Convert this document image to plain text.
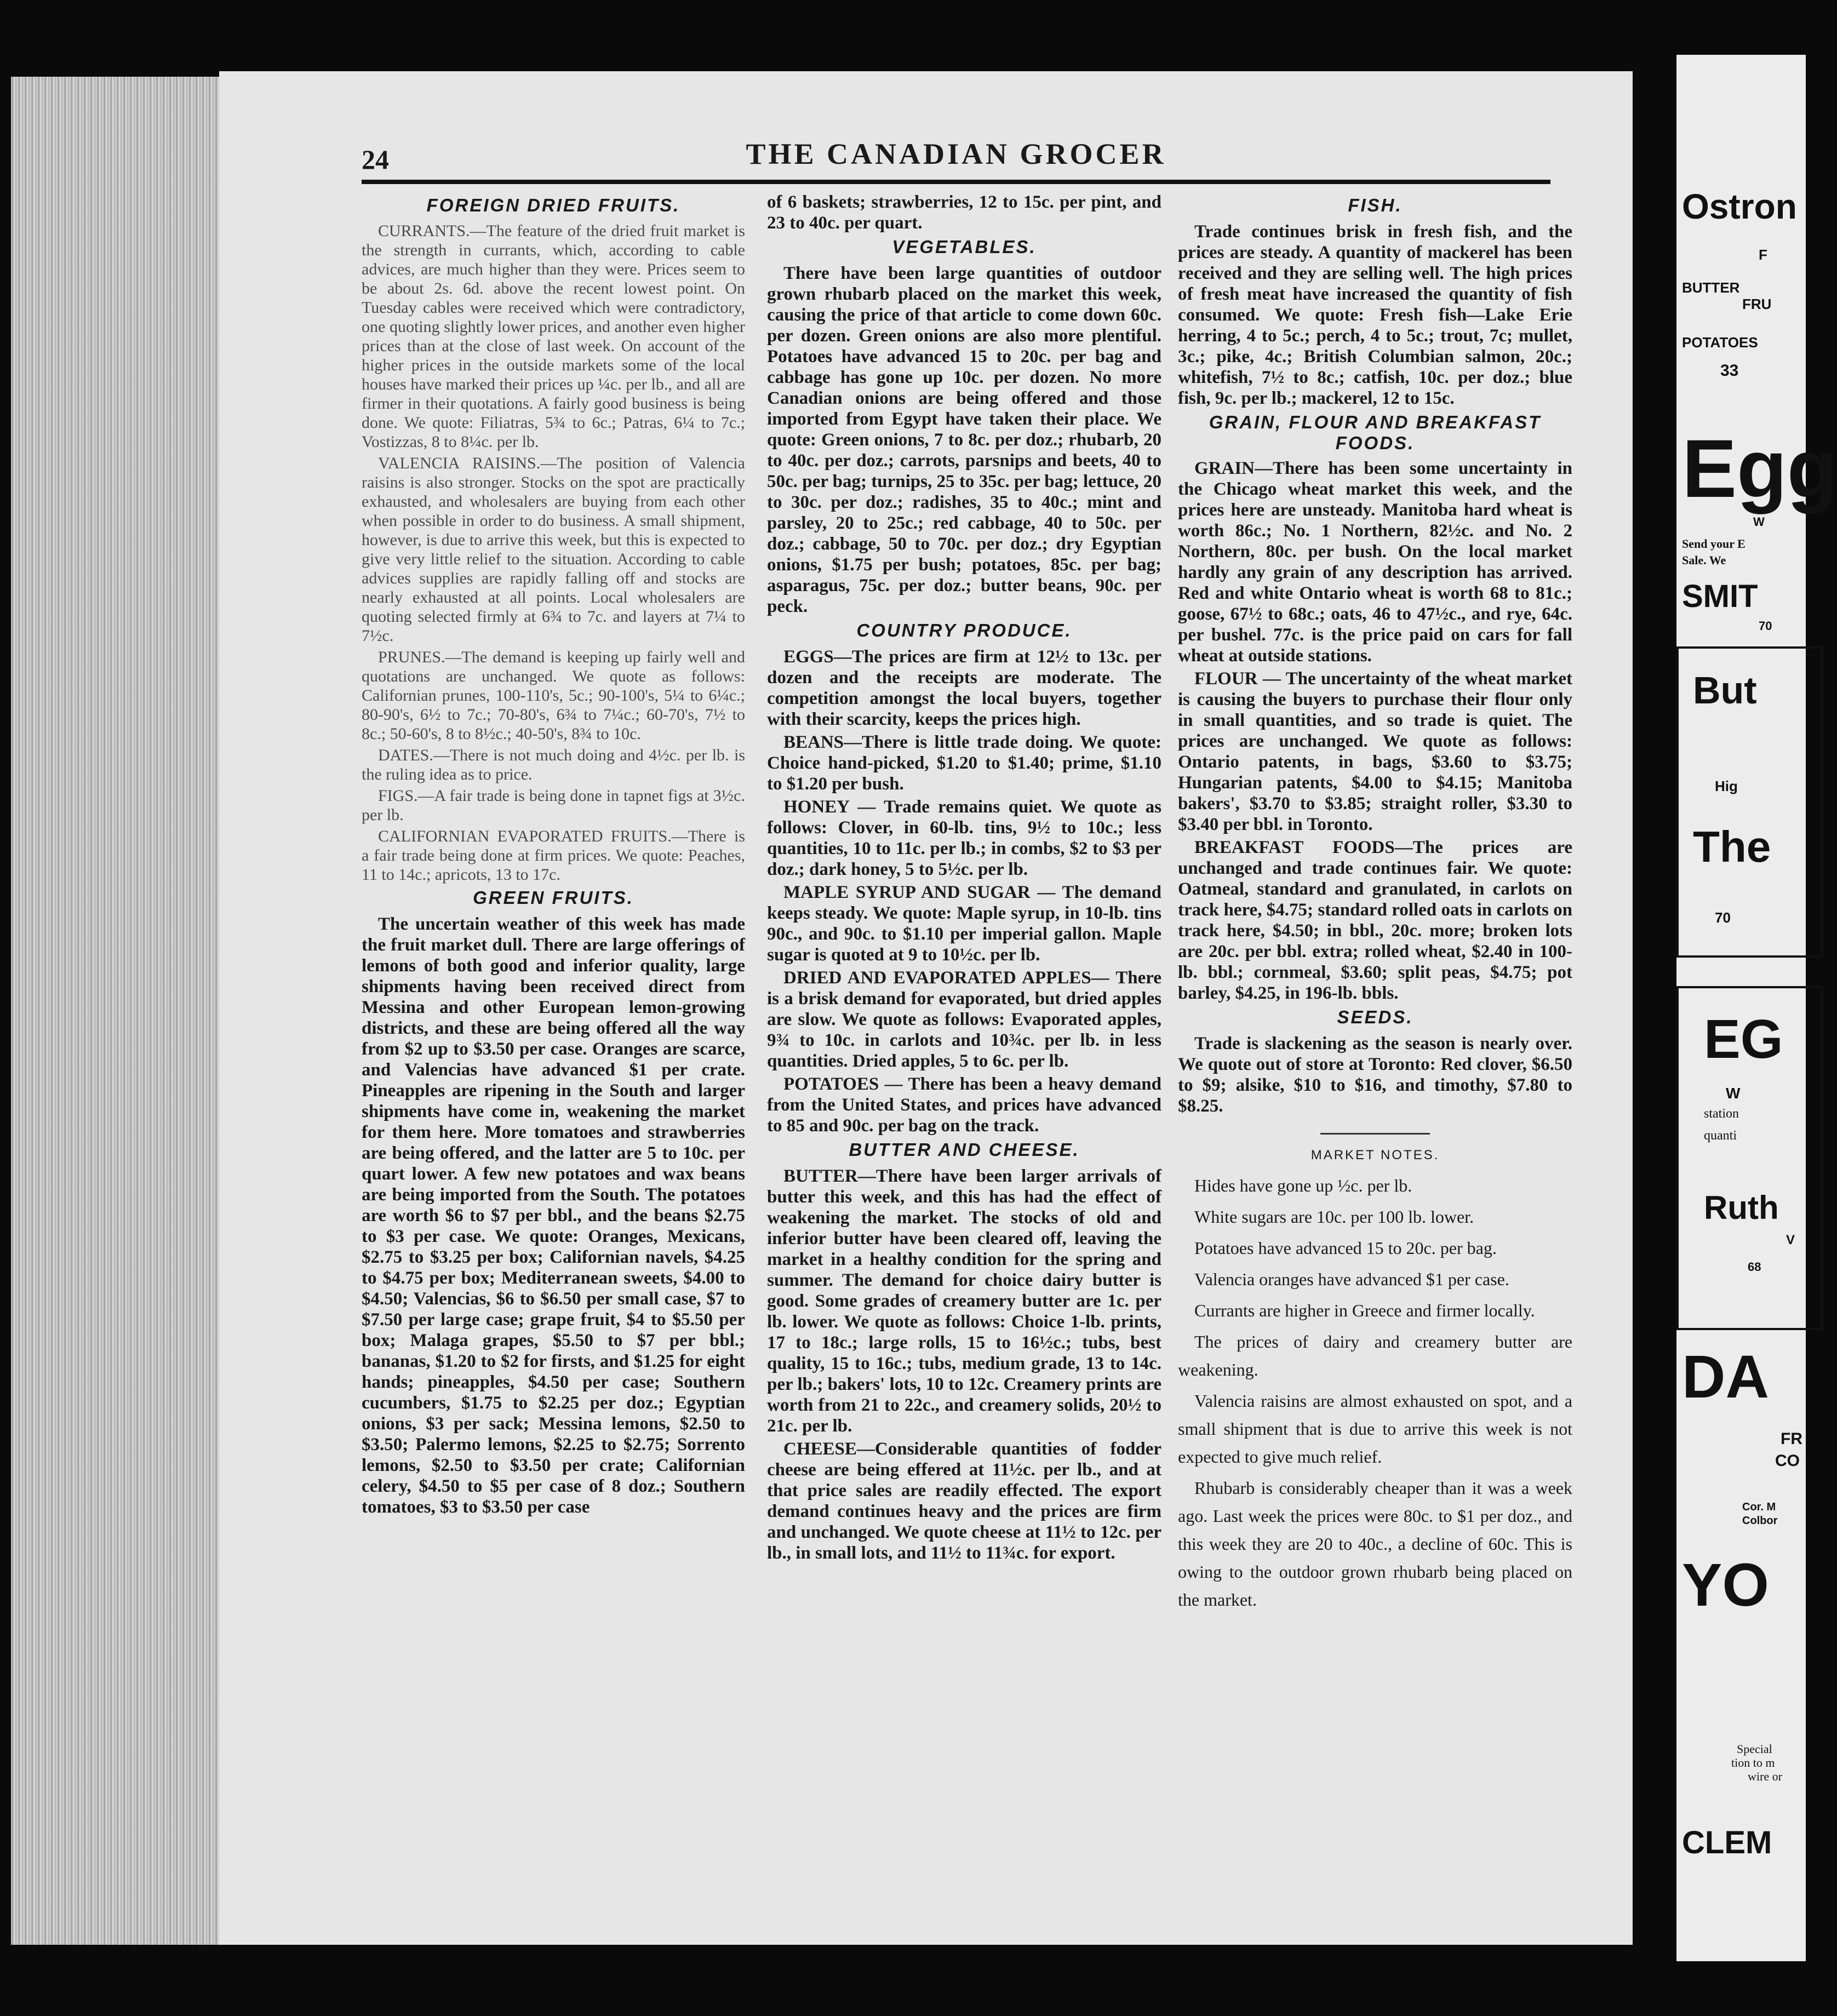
24	THE CANADIAN GROCER
FOREIGN DRIED FRUITS.

CURRANTS.—The feature of the dried fruit market is the strength in currants, which, according to cable advices, are much higher than they were. Prices seem to be about 2s. 6d. above the recent lowest point. On Tuesday cables were received which were contradictory, one quoting slightly lower prices, and another even higher prices than at the close of last week. On account of the higher prices in the outside markets some of the local houses have marked their prices up ¼c. per lb., and all are firmer in their quotations. A fairly good business is being done. We quote: Filiatras, 5¾ to 6c.; Patras, 6¼ to 7c.; Vostizzas, 8 to 8¼c. per lb.

VALENCIA RAISINS.—The position of Valencia raisins is also stronger. Stocks on the spot are practically exhausted, and wholesalers are buying from each other when possible in order to do business. A small shipment, however, is due to arrive this week, but this is expected to give very little relief to the situation. According to cable advices supplies are rapidly falling off and stocks are nearly exhausted at all points. Local wholesalers are quoting selected firmly at 6¾ to 7c. and layers at 7¼ to 7½c.

PRUNES.—The demand is keeping up fairly well and quotations are unchanged. We quote as follows: Californian prunes, 100-110's, 5c.; 90-100's, 5¼ to 6¼c.; 80-90's, 6½ to 7c.; 70-80's, 6¾ to 7¼c.; 60-70's, 7½ to 8c.; 50-60's, 8 to 8½c.; 40-50's, 8¾ to 10c.

DATES.—There is not much doing and 4½c. per lb. is the ruling idea as to price.

FIGS.—A fair trade is being done in tapnet figs at 3½c. per lb.

CALIFORNIAN EVAPORATED FRUITS.—There is a fair trade being done at firm prices. We quote: Peaches, 11 to 14c.; apricots, 13 to 17c.

GREEN FRUITS.

The uncertain weather of this week has made the fruit market dull. There are large offerings of lemons of both good and inferior quality, large shipments having been received direct from Messina and other European lemon-growing districts, and these are being offered all the way from $2 up to $3.50 per case. Oranges are scarce, and Valencias have advanced $1 per crate. Pineapples are ripening in the South and larger shipments have come in, weakening the market for them here. More tomatoes and strawberries are being offered, and the latter are 5 to 10c. per quart lower. A few new potatoes and wax beans are being imported from the South. The potatoes are worth $6 to $7 per bbl., and the beans $2.75 to $3 per case. We quote: Oranges, Mexicans, $2.75 to $3.25 per box; Californian navels, $4.25 to $4.75 per box; Mediterranean sweets, $4.00 to $4.50; Valencias, $6 to $6.50 per small case, $7 to $7.50 per large case; grape fruit, $4 to $5.50 per box; Malaga grapes, $5.50 to $7 per bbl.; bananas, $1.20 to $2 for firsts, and $1.25 for eight hands; pineapples, $4.50 per case; Southern cucumbers, $1.75 to $2.25 per doz.; Egyptian onions, $3 per sack; Messina lemons, $2.50 to $3.50; Palermo lemons, $2.25 to $2.75; Sorrento lemons, $2.50 to $3.50 per crate; Californian celery, $4.50 to $5 per case of 8 doz.; Southern tomatoes, $3 to $3.50 per case

of 6 baskets; strawberries, 12 to 15c. per pint, and 23 to 40c. per quart.

VEGETABLES.

There have been large quantities of outdoor grown rhubarb placed on the market this week, causing the price of that article to come down 60c. per dozen. Green onions are also more plentiful. Potatoes have advanced 15 to 20c. per bag and cabbage has gone up 10c. per dozen. No more Canadian onions are being offered and those imported from Egypt have taken their place. We quote: Green onions, 7 to 8c. per doz.; rhubarb, 20 to 40c. per doz.; carrots, parsnips and beets, 40 to 50c. per bag; turnips, 25 to 35c. per bag; lettuce, 20 to 30c. per doz.; radishes, 35 to 40c.; mint and parsley, 20 to 25c.; red cabbage, 40 to 50c. per doz.; cabbage, 50 to 70c. per doz.; dry Egyptian onions, $1.75 per bush; potatoes, 85c. per bag; asparagus, 75c. per doz.; butter beans, 90c. per peck.

COUNTRY PRODUCE.

EGGS—The prices are firm at 12½ to 13c. per dozen and the receipts are moderate. The competition amongst the local buyers, together with their scarcity, keeps the prices high.

BEANS—There is little trade doing. We quote: Choice hand-picked, $1.20 to $1.40; prime, $1.10 to $1.20 per bush.

HONEY — Trade remains quiet. We quote as follows: Clover, in 60-lb. tins, 9½ to 10c.; less quantities, 10 to 11c. per lb.; in combs, $2 to $3 per doz.; dark honey, 5 to 5½c. per lb.

MAPLE SYRUP AND SUGAR — The demand keeps steady. We quote: Maple syrup, in 10-lb. tins 90c., and 90c. to $1.10 per imperial gallon. Maple sugar is quoted at 9 to 10½c. per lb.

DRIED AND EVAPORATED APPLES— There is a brisk demand for evaporated, but dried apples are slow. We quote as follows: Evaporated apples, 9¾ to 10c. in carlots and 10¾c. per lb. in less quantities. Dried apples, 5 to 6c. per lb.

POTATOES — There has been a heavy demand from the United States, and prices have advanced to 85 and 90c. per bag on the track.

BUTTER AND CHEESE.

BUTTER—There have been larger arrivals of butter this week, and this has had the effect of weakening the market. The stocks of old and inferior butter have been cleared off, leaving the market in a healthy condition for the spring and summer. The demand for choice dairy butter is good. Some grades of creamery butter are 1c. per lb. lower. We quote as follows: Choice 1-lb. prints, 17 to 18c.; large rolls, 15 to 16½c.; tubs, best quality, 15 to 16c.; tubs, medium grade, 13 to 14c. per lb.; bakers' lots, 10 to 12c. Creamery prints are worth from 21 to 22c., and creamery solids, 20½ to 21c. per lb.

CHEESE—Considerable quantities of fodder cheese are being effered at 11½c. per lb., and at that price sales are readily effected. The export demand continues heavy and the prices are firm and unchanged. We quote cheese at 11½ to 12c. per lb., in small lots, and 11½ to 11¾c. for export.

FISH.

Trade continues brisk in fresh fish, and the prices are steady. A quantity of mackerel has been received and they are selling well. The high prices of fresh meat have increased the quantity of fish consumed. We quote: Fresh fish—Lake Erie herring, 4 to 5c.; perch, 4 to 5c.; trout, 7c; mullet, 3c.; pike, 4c.; British Columbian salmon, 20c.; whitefish, 7½ to 8c.; catfish, 10c. per doz.; blue fish, 9c. per lb.; mackerel, 12 to 15c.

GRAIN, FLOUR AND BREAKFAST
FOODS.

GRAIN—There has been some uncertainty in the Chicago wheat market this week, and the prices here are unsteady. Manitoba hard wheat is worth 86c.; No. 1 Northern, 82½c. and No. 2 Northern, 80c. per bush. On the local market hardly any grain of any description has arrived. Red and white Ontario wheat is worth 68 to 81c.; goose, 67½ to 68c.; oats, 46 to 47½c., and rye, 64c. per bushel. 77c. is the price paid on cars for fall wheat at outside stations.

FLOUR — The uncertainty of the wheat market is causing the buyers to purchase their flour only in small quantities, and so trade is quiet. The prices are unchanged. We quote as follows: Ontario patents, in bags, $3.60 to $3.75; Hungarian patents, $4.00 to $4.15; Manitoba bakers', $3.70 to $3.85; straight roller, $3.30 to $3.40 per bbl. in Toronto.

BREAKFAST FOODS—The prices are unchanged and trade continues fair. We quote: Oatmeal, standard and granulated, in carlots on track here, $4.75; standard rolled oats in carlots on track here, $4.50; in bbl., 20c. more; broken lots are 20c. per bbl. extra; rolled wheat, $2.40 in 100-lb. bbl.; cornmeal, $3.60; split peas, $4.75; pot barley, $4.25, in 196-lb. bbls.

SEEDS.

Trade is slackening as the season is nearly over. We quote out of store at Toronto: Red clover, $6.50 to $9; alsike, $10 to $16, and timothy, $7.80 to $8.25.

MARKET NOTES.

Hides have gone up ½c. per lb.

White sugars are 10c. per 100 lb. lower.

Potatoes have advanced 15 to 20c. per bag.

Valencia oranges have advanced $1 per case.

Currants are higher in Greece and firmer locally.

The prices of dairy and creamery butter are weakening.

Valencia raisins are almost exhausted on spot, and a small shipment that is due to arrive this week is not expected to give much relief.

Rhubarb is considerably cheaper than it was a week ago. Last week the prices were 80c. to $1 per doz., and this week they are 20 to 40c., a decline of 60c. This is owing to the outdoor grown rhubarb being placed on the market.

Ostron
F
BUTTER
FRU
POTATOES
33
Egg
W
Send your E
Sale. We
SMIT
70
But
Hig
The
70
EG
W
station
quanti
Ruth
V
68
DA
FR
CO
Cor. M
Colbor
YO
Special
tion to m
wire or
CLEM
